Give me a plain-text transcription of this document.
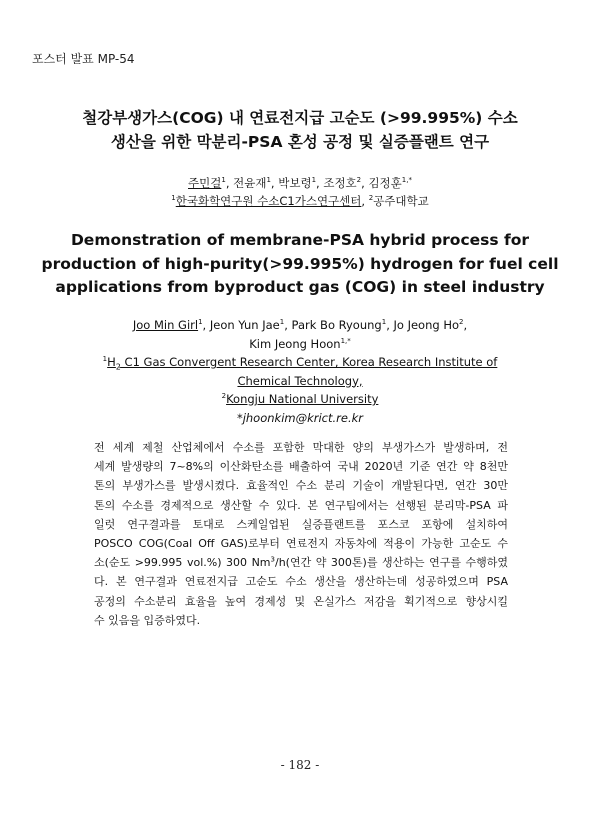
포스터 발표 MP-54
철강부생가스(COG) 내 연료전지급 고순도 (>99.995%) 수소
생산을 위한 막분리-PSA 혼성 공정 및 실증플랜트 연구
주민걸$^1$, 전윤재$^1$, 박보령$^1$, 조정호$^2$, 김정훈$^{1,*}$
$^1$한국화학연구원 수소C1가스연구센터, $^2$공주대학교
Demonstration of membrane-PSA hybrid process for
production of high-purity(>99.995%) hydrogen for fuel cell
applications from byproduct gas (COG) in steel industry
Joo Min Girl$^1$, Jeon Yun Jae$^1$, Park Bo Ryoung$^1$, Jo Jeong Ho$^2$,
Kim Jeong Hoon$^{1,*}$
$^1H_2$ C1 Gas Convergent Research Center, Korea Research Institute of
Chemical Technology,
$^2$Kongju National University
*jhoonkim@krict.re.kr
전 세계 제철 산업체에서 수소를 포함한 막대한 양의 부생가스가 발생하며, 전
세계 발생량의 7~8%의 이산화탄소를 배출하여 국내 2020년 기준 연간 약 8천만
톤의 부생가스를 발생시켰다. 효율적인 수소 분리 기술이 개발된다면, 연간 30만
톤의 수소를 경제적으로 생산할 수 있다. 본 연구팀에서는 선행된 분리막-PSA 파
일럿 연구결과를 토대로 스케일업된 실증플랜트를 포스코 포항에 설치하여
POSCO COG(Coal Off GAS)로부터 연료전지 자동차에 적용이 가능한 고순도 수
소(순도 >99.995 vol.%) 300 Nm$^3$/h(연간 약 300톤)를 생산하는 연구를 수행하였
다. 본 연구결과 연료전지급 고순도 수소 생산을 생산하는데 성공하였으며 PSA
공정의 수소분리 효율을 높여 경제성 및 온실가스 저감을 획기적으로 향상시킬
수 있음을 입증하였다.
- 182 -
